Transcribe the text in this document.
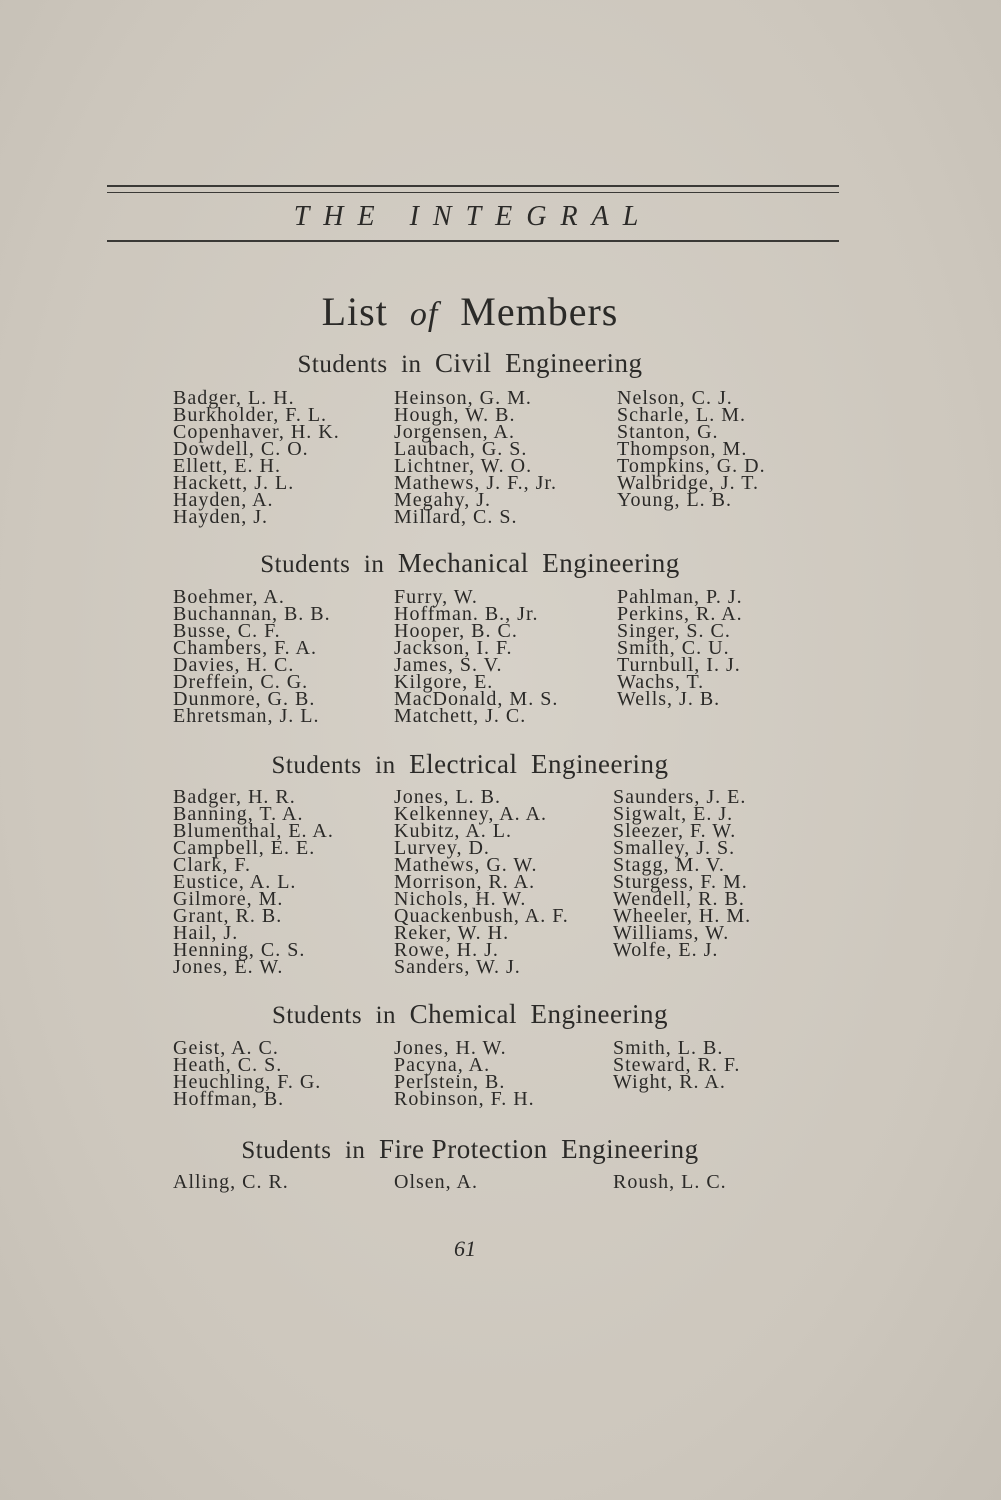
THE INTEGRAL
List of Members
Students in Civil Engineering
Badger, L. H.
Burkholder, F. L.
Copenhaver, H. K.
Dowdell, C. O.
Ellett, E. H.
Hackett, J. L.
Hayden, A.
Hayden, J.
Heinson, G. M.
Hough, W. B.
Jorgensen, A.
Laubach, G. S.
Lichtner, W. O.
Mathews, J. F., Jr.
Megahy, J.
Millard, C. S.
Nelson, C. J.
Scharle, L. M.
Stanton, G.
Thompson, M.
Tompkins, G. D.
Walbridge, J. T.
Young, L. B.
Students in Mechanical Engineering
Boehmer, A.
Buchannan, B. B.
Busse, C. F.
Chambers, F. A.
Davies, H. C.
Dreffein, C. G.
Dunmore, G. B.
Ehretsman, J. L.
Furry, W.
Hoffman. B., Jr.
Hooper, B. C.
Jackson, I. F.
James, S. V.
Kilgore, E.
MacDonald, M. S.
Matchett, J. C.
Pahlman, P. J.
Perkins, R. A.
Singer, S. C.
Smith, C. U.
Turnbull, I. J.
Wachs, T.
Wells, J. B.
Students in Electrical Engineering
Badger, H. R.
Banning, T. A.
Blumenthal, E. A.
Campbell, E. E.
Clark, F.
Eustice, A. L.
Gilmore, M.
Grant, R. B.
Hail, J.
Henning, C. S.
Jones, E. W.
Jones, L. B.
Kelkenney, A. A.
Kubitz, A. L.
Lurvey, D.
Mathews, G. W.
Morrison, R. A.
Nichols, H. W.
Quackenbush, A. F.
Reker, W. H.
Rowe, H. J.
Sanders, W. J.
Saunders, J. E.
Sigwalt, E. J.
Sleezer, F. W.
Smalley, J. S.
Stagg, M. V.
Sturgess, F. M.
Wendell, R. B.
Wheeler, H. M.
Williams, W.
Wolfe, E. J.
Students in Chemical Engineering
Geist, A. C.
Heath, C. S.
Heuchling, F. G.
Hoffman, B.
Jones, H. W.
Pacyna, A.
Perlstein, B.
Robinson, F. H.
Smith, L. B.
Steward, R. F.
Wight, R. A.
Students in Fire Protection Engineering
Alling, C. R.	Olsen, A.	Roush, L. C.
61
